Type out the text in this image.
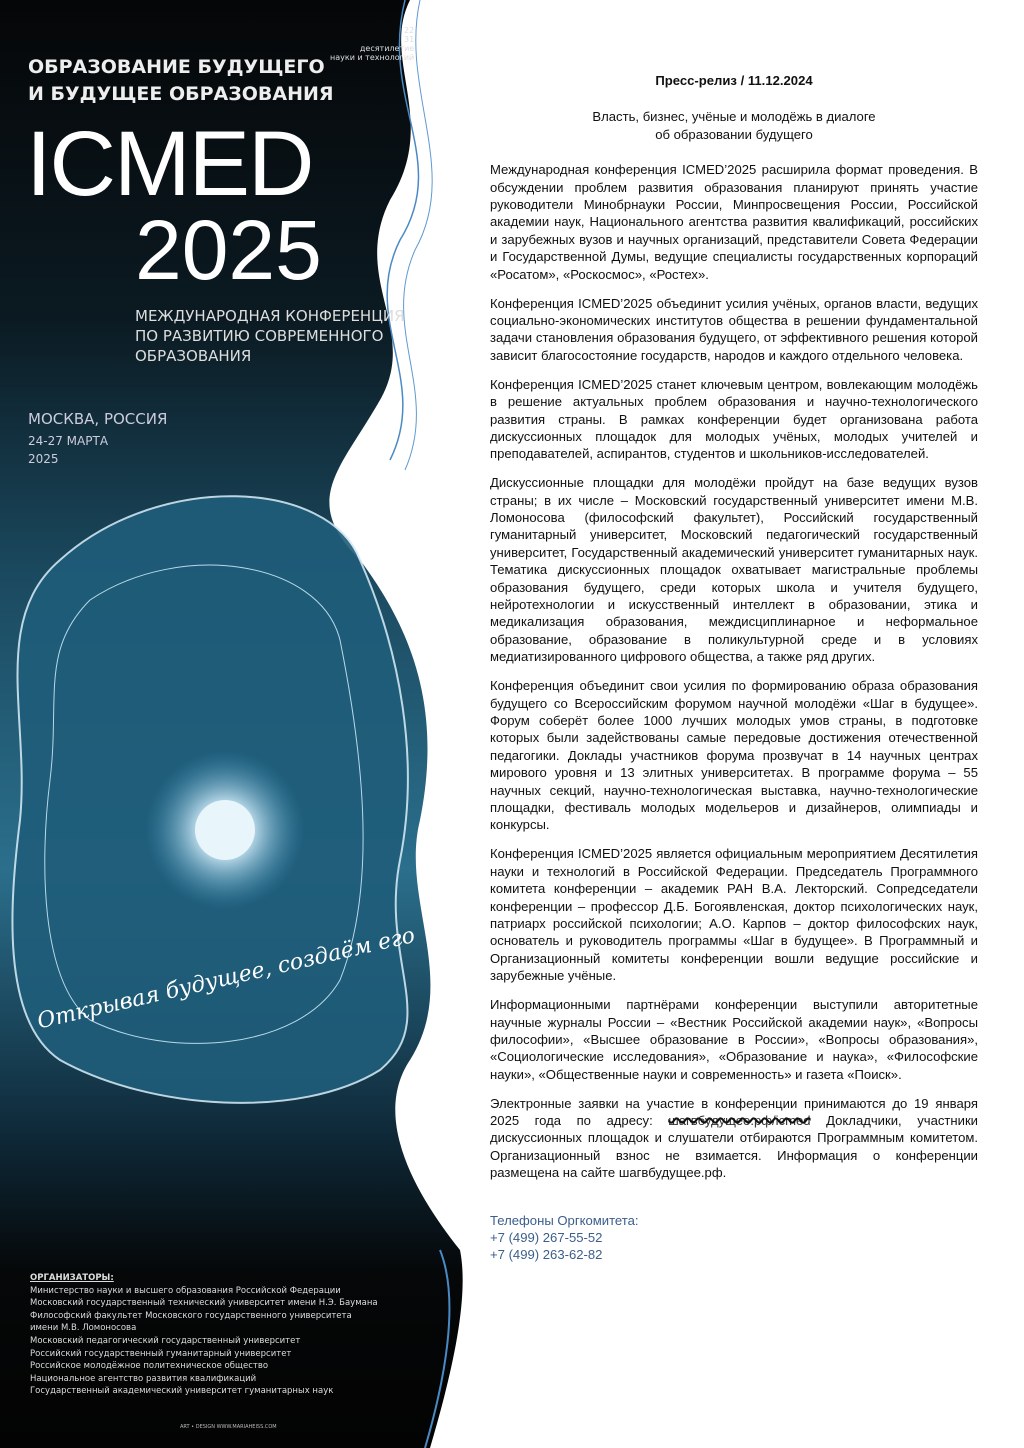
ОБРАЗОВАНИЕ БУДУЩЕГО
И БУДУЩЕЕ ОБРАЗОВАНИЯ
22
31
десятилетие
науки и технологий
ICMED
2025
МЕЖДУНАРОДНАЯ КОНФЕРЕНЦИЯ
ПО РАЗВИТИЮ СОВРЕМЕННОГО
ОБРАЗОВАНИЯ
МОСКВА, РОССИЯ
24-27 МАРТА
2025
Открывая будущее, создаём его
ОРГАНИЗАТОРЫ:
Министерство науки и высшего образования Российской Федерации
Московский государственный технический университет имени Н.Э. Баумана
Философский факультет Московского государственного университета
имени М.В. Ломоносова
Московский педагогический государственный университет
Российский государственный гуманитарный университет
Российское молодёжное политехническое общество
Национальное агентство развития квалификаций
Государственный академический университет гуманитарных наук
ART • DESIGN WWW.MARIAHEISS.COM
Пресс-релиз / 11.12.2024
Власть, бизнес, учёные и молодёжь в диалоге
об образовании будущего

Международная конференция ICMED’2025 расширила формат проведения. В обсуждении проблем развития образования планируют принять участие руководители Минобрнауки России, Минпросвещения России, Российской академии наук, Национального агентства развития квалификаций, российских и зарубежных вузов и научных организаций, представители Совета Федерации и Государственной Думы, ведущие специалисты государственных корпораций «Росатом», «Роскосмос», «Ростех».

Конференция ICMED’2025 объединит усилия учёных, органов власти, ведущих социально-экономических институтов общества в решении фундаментальной задачи становления образования будущего, от эффективного решения которой зависит благосостояние государств, народов и каждого отдельного человека.

Конференция ICMED’2025 станет ключевым центром, вовлекающим молодёжь в решение актуальных проблем образования и научно-технологического развития страны. В рамках конференции будет организована работа дискуссионных площадок для молодых учёных, молодых учителей и преподавателей, аспирантов, студентов и школьников-исследователей.

Дискуссионные площадки для молодёжи пройдут на базе ведущих вузов страны; в их числе – Московский государственный университет имени М.В. Ломоносова (философский факультет), Российский государственный гуманитарный университет, Московский педагогический государственный университет, Государственный академический университет гуманитарных наук. Тематика дискуссионных площадок охватывает магистральные проблемы образования будущего, среди которых школа и учителя будущего, нейротехнологии и искусственный интеллект в образовании, этика и медикализация образования, междисциплинарное и неформальное образование, образование в поликультурной среде и в условиях медиатизированного цифрового общества, а также ряд других.

Конференция объединит свои усилия по формированию образа образования будущего со Всероссийским форумом научной молодёжи «Шаг в будущее». Форум соберёт более 1000 лучших молодых умов страны, в подготовке которых были задействованы самые передовые достижения отечественной педагогики. Доклады участников форума прозвучат в 14 научных центрах мирового уровня и 13 элитных университетах. В программе форума – 55 научных секций, научно-технологическая выставка, научно-технологические площадки, фестиваль молодых модельеров и дизайнеров, олимпиады и конкурсы.

Конференция ICMED’2025 является официальным мероприятием Десятилетия науки и технологий в Российской Федерации. Председатель Программного комитета конференции – академик РАН В.А. Лекторский. Сопредседатели конференции – профессор Д.Б. Богоявленская, доктор психологических наук, патриарх российской психологии; А.О. Карпов – доктор философских наук, основатель и руководитель программы «Шаг в будущее». В Программный и Организационный комитеты конференции вошли ведущие российские и зарубежные учёные.

Информационными партнёрами конференции выступили авторитетные научные журналы России – «Вестник Российской академии наук», «Вопросы философии», «Высшее образование в России», «Вопросы образования», «Социологические исследования», «Образование и наука», «Философские науки», «Общественные науки и современность» и газета «Поиск».

Электронные заявки на участие в конференции принимаются до 19 января 2025 года по адресу: шагвбудущее.рф/icmed Докладчики, участники дискуссионных площадок и слушатели отбираются Программным комитетом. Организационный взнос не взимается. Информация о конференции размещена на сайте шагвбудущее.рф.

Телефоны Оргкомитета:
+7 (499) 267-55-52
+7 (499) 263-62-82
